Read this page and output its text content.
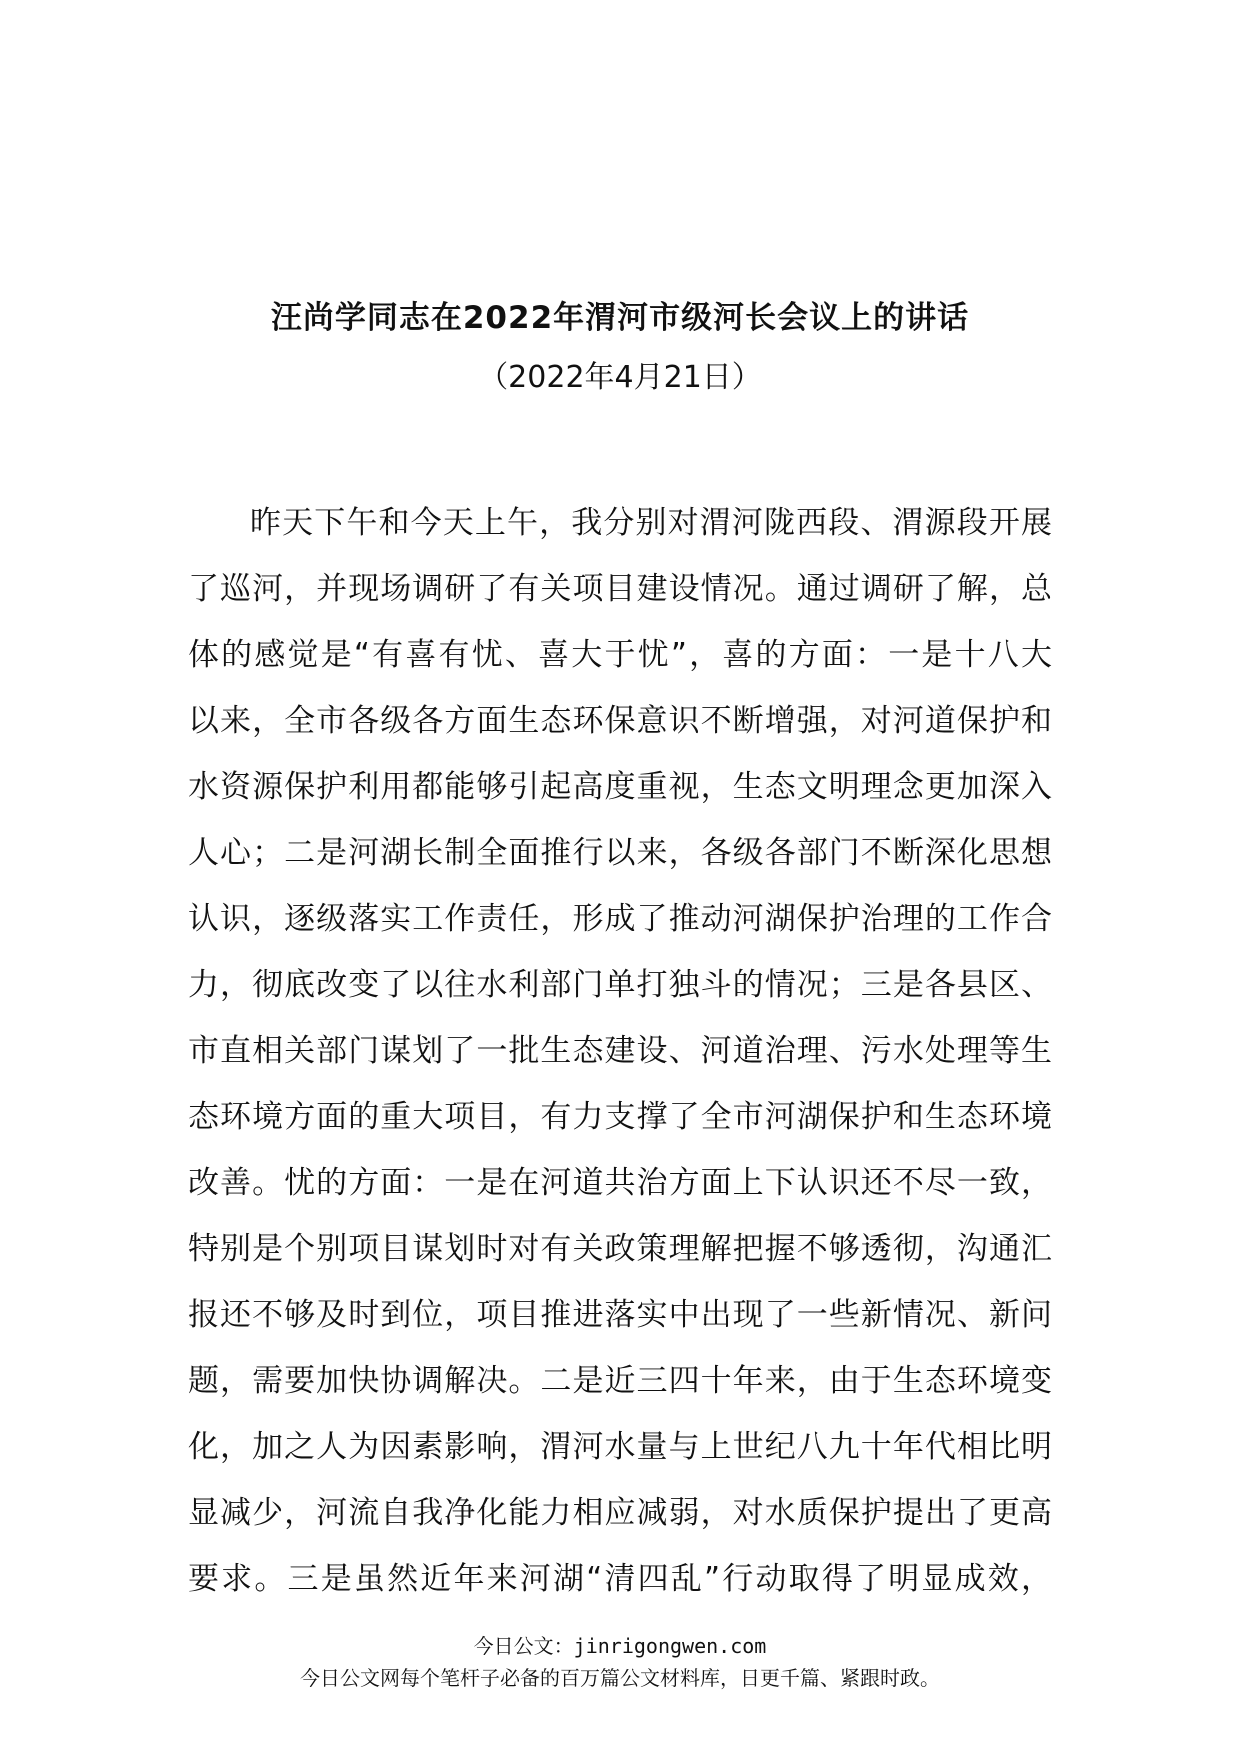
汪尚学同志在2022年渭河市级河长会议上的讲话
（2022年4月21日）
昨天下午和今天上午，我分别对渭河陇西段、渭源段开展
了巡河，并现场调研了有关项目建设情况。通过调研了解，总
体的感觉是“有喜有忧、喜大于忧”，喜的方面：一是十八大
以来，全市各级各方面生态环保意识不断增强，对河道保护和
水资源保护利用都能够引起高度重视，生态文明理念更加深入
人心；二是河湖长制全面推行以来，各级各部门不断深化思想
认识，逐级落实工作责任，形成了推动河湖保护治理的工作合
力，彻底改变了以往水利部门单打独斗的情况；三是各县区、
市直相关部门谋划了一批生态建设、河道治理、污水处理等生
态环境方面的重大项目，有力支撑了全市河湖保护和生态环境
改善。忧的方面：一是在河道共治方面上下认识还不尽一致，
特别是个别项目谋划时对有关政策理解把握不够透彻，沟通汇
报还不够及时到位，项目推进落实中出现了一些新情况、新问
题，需要加快协调解决。二是近三四十年来，由于生态环境变
化，加之人为因素影响，渭河水量与上世纪八九十年代相比明
显减少，河流自我净化能力相应减弱，对水质保护提出了更高
要求。三是虽然近年来河湖“清四乱”行动取得了明显成效，
今日公文：jinrigongwen.com
今日公文网每个笔杆子必备的百万篇公文材料库，日更千篇、紧跟时政。
